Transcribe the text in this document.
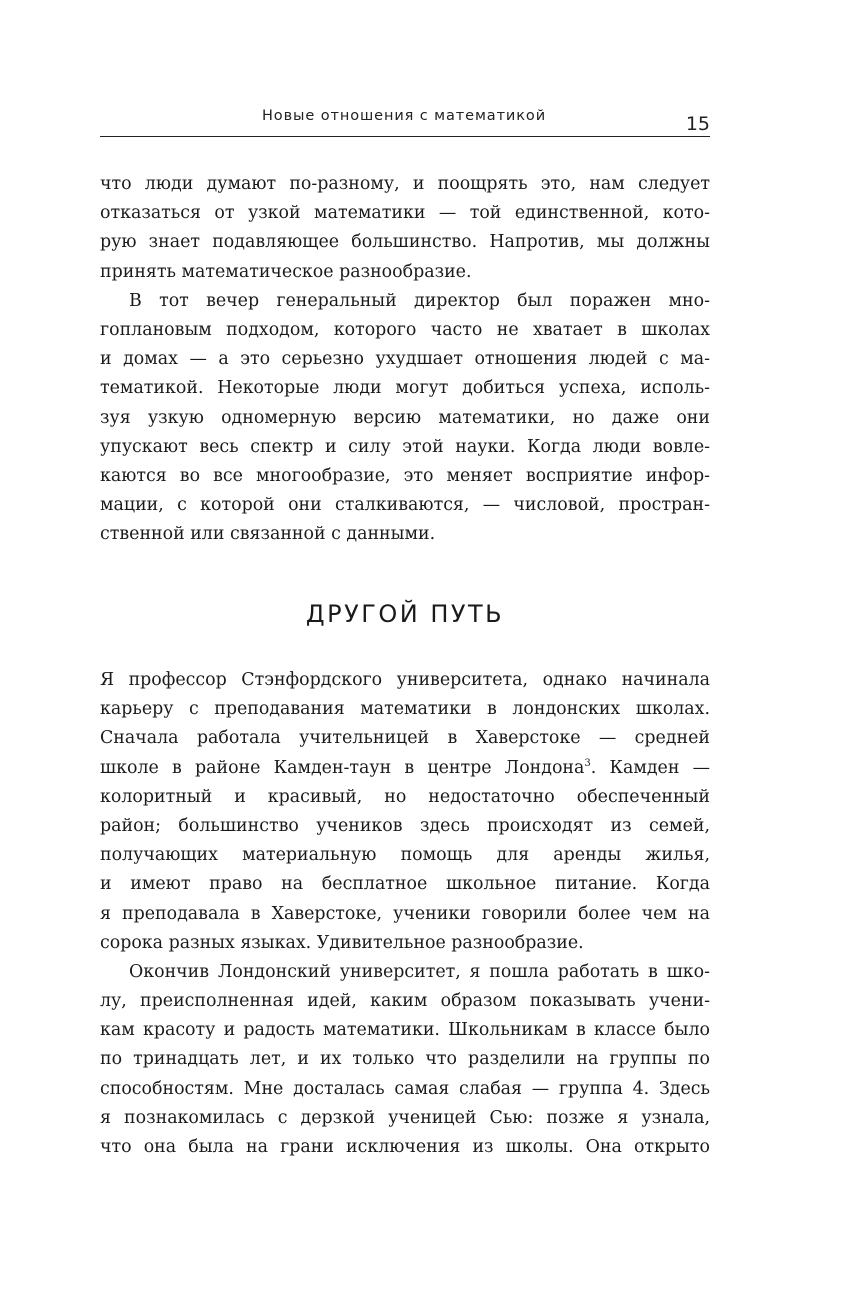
Новые отношения с математикой	15
что люди думают по-разному, и поощрять это, нам следует
отказаться от узкой математики — той единственной, кото-
рую знает подавляющее большинство. Напротив, мы должны
принять математическое разнообразие.
В тот вечер генеральный директор был поражен мно-
гоплановым подходом, которого часто не хватает в школах
и домах — а это серьезно ухудшает отношения людей с ма-
тематикой. Некоторые люди могут добиться успеха, исполь-
зуя узкую одномерную версию математики, но даже они
упускают весь спектр и силу этой науки. Когда люди вовле-
каются во все многообразие, это меняет восприятие инфор-
мации, с которой они сталкиваются, — числовой, простран-
ственной или связанной с данными.
ДРУГОЙ ПУТЬ
Я профессор Стэнфордского университета, однако начинала
карьеру с преподавания математики в лондонских школах.
Сначала работала учительницей в Хаверстоке — средней
школе в районе Камден-таун в центре Лондона$^3$. Камден —
колоритный и красивый, но недостаточно обеспеченный
район; большинство учеников здесь происходят из семей,
получающих материальную помощь для аренды жилья,
и имеют право на бесплатное школьное питание. Когда
я преподавала в Хаверстоке, ученики говорили более чем на
сорока разных языках. Удивительное разнообразие.
Окончив Лондонский университет, я пошла работать в шко-
лу, преисполненная идей, каким образом показывать учени-
кам красоту и радость математики. Школьникам в классе было
по тринадцать лет, и их только что разделили на группы по
способностям. Мне досталась самая слабая — группа 4. Здесь
я познакомилась с дерзкой ученицей Сью: позже я узнала,
что она была на грани исключения из школы. Она открыто
